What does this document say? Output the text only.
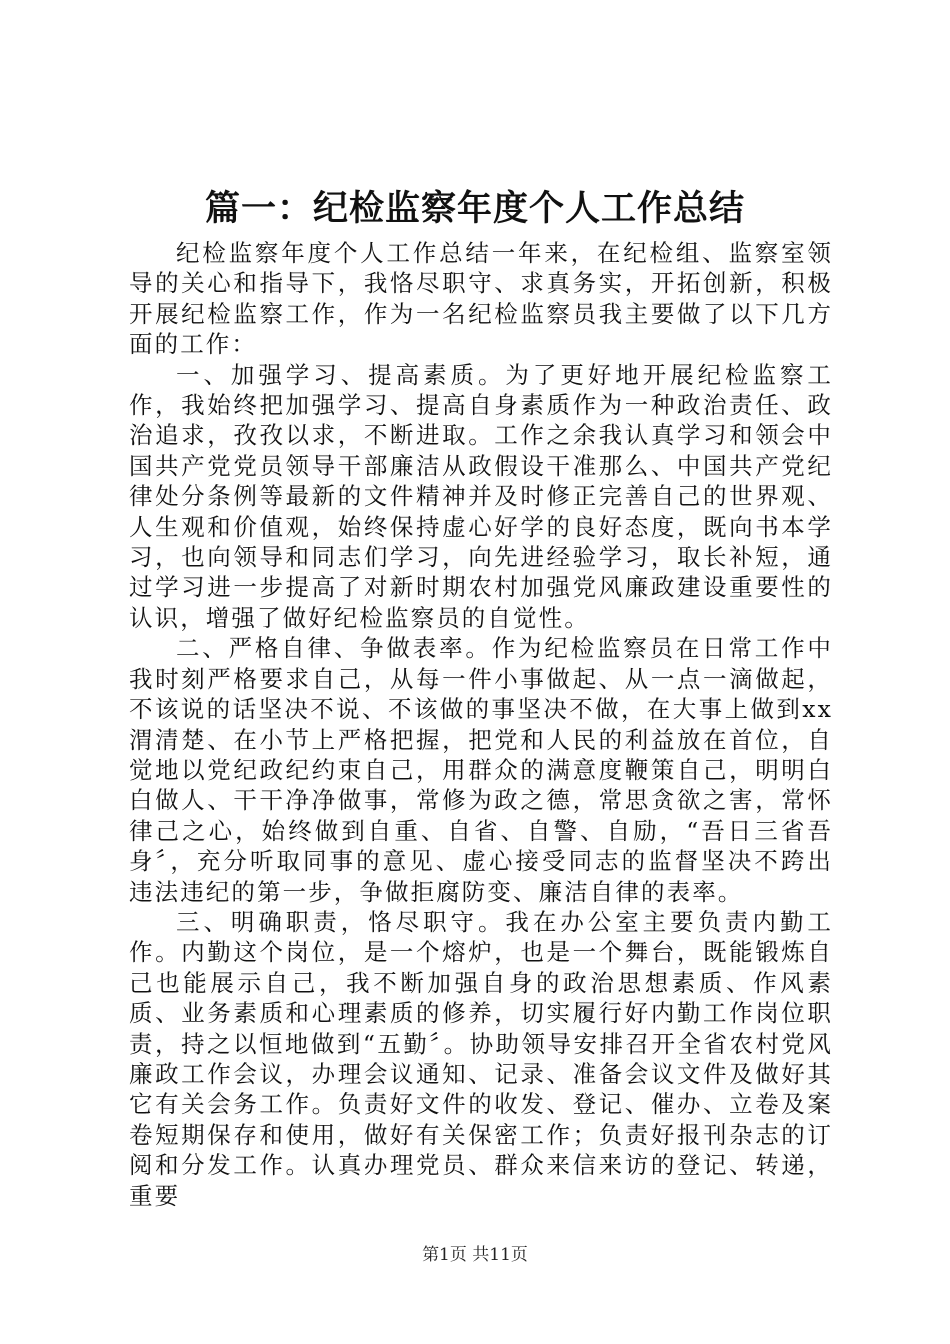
篇一：纪检监察年度个人工作总结

纪检监察年度个人工作总结一年来，在纪检组、监察室领导的关心和指导下，我恪尽职守、求真务实，开拓创新，积极开展纪检监察工作，作为一名纪检监察员我主要做了以下几方面的工作：

一、加强学习、提高素质。为了更好地开展纪检监察工作，我始终把加强学习、提高自身素质作为一种政治责任、政治追求，孜孜以求，不断进取。工作之余我认真学习和领会中国共产党党员领导干部廉洁从政假设干准那么、中国共产党纪律处分条例等最新的文件精神并及时修正完善自己的世界观、人生观和价值观，始终保持虚心好学的良好态度，既向书本学习，也向领导和同志们学习，向先进经验学习，取长补短，通过学习进一步提高了对新时期农村加强党风廉政建设重要性的认识，增强了做好纪检监察员的自觉性。

二、严格自律、争做表率。作为纪检监察员在日常工作中我时刻严格要求自己，从每一件小事做起、从一点一滴做起，不该说的话坚决不说、不该做的事坚决不做，在大事上做到xx渭清楚、在小节上严格把握，把党和人民的利益放在首位，自觉地以党纪政纪约束自己，用群众的满意度鞭策自己，明明白白做人、干干净净做事，常修为政之德，常思贪欲之害，常怀律己之心，始终做到自重、自省、自警、自励，“吾日三省吾身〞，充分听取同事的意见、虚心接受同志的监督坚决不跨出违法违纪的第一步，争做拒腐防变、廉洁自律的表率。

三、明确职责，恪尽职守。我在办公室主要负责内勤工作。内勤这个岗位，是一个熔炉，也是一个舞台，既能锻炼自己也能展示自己，我不断加强自身的政治思想素质、作风素质、业务素质和心理素质的修养，切实履行好内勤工作岗位职责，持之以恒地做到“五勤〞。协助领导安排召开全省农村党风廉政工作会议，办理会议通知、记录、准备会议文件及做好其它有关会务工作。负责好文件的收发、登记、催办、立卷及案卷短期保存和使用，做好有关保密工作；负责好报刊杂志的订阅和分发工作。认真办理党员、群众来信来访的登记、转递，重要

第1页 共11页
